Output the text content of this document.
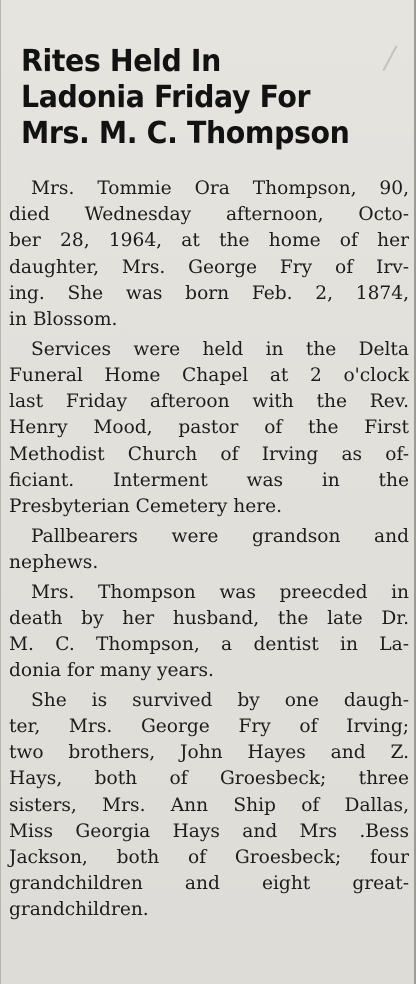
Rites Held In
Ladonia Friday For
Mrs. M. C. Thompson

Mrs. Tommie Ora Thompson, 90,
died Wednesday afternoon, Octo-
ber 28, 1964, at the home of her
daughter, Mrs. George Fry of Irv-
ing. She was born Feb. 2, 1874,
in Blossom.

Services were held in the Delta
Funeral Home Chapel at 2 o'clock
last Friday afteroon with the Rev.
Henry Mood, pastor of the First
Methodist Church of Irving as of-
ficiant. Interment was in the
Presbyterian Cemetery here.

Pallbearers were grandson and
nephews.

Mrs. Thompson was preecded in
death by her husband, the late Dr.
M. C. Thompson, a dentist in La-
donia for many years.

She is survived by one daugh-
ter, Mrs. George Fry of Irving;
two brothers, John Hayes and Z.
Hays, both of Groesbeck; three
sisters, Mrs. Ann Ship of Dallas,
Miss Georgia Hays and Mrs .Bess
Jackson, both of Groesbeck; four
grandchildren and eight great-
grandchildren.
